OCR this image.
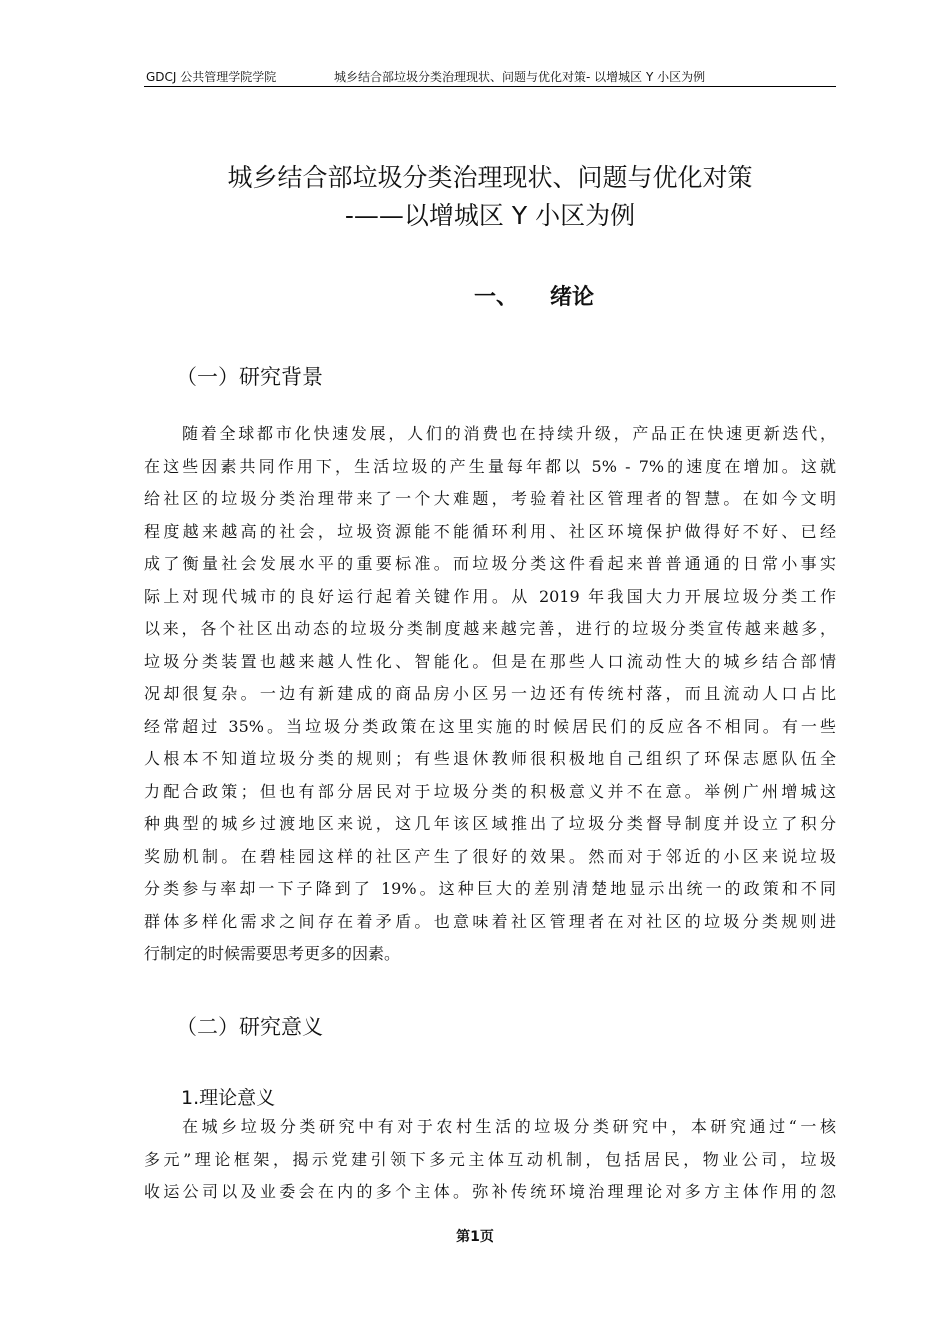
GDCJ 公共管理学院学院	城乡结合部垃圾分类治理现状、问题与优化对策- 以增城区 Y 小区为例
城乡结合部垃圾分类治理现状、问题与优化对策
-——以增城区 Y 小区为例
一、 绪论
（一）研究背景
随着全球都市化快速发展，人们的消费也在持续升级，产品正在快速更新迭代，
在这些因素共同作用下，生活垃圾的产生量每年都以 5% - 7%的速度在增加。这就
给社区的垃圾分类治理带来了一个大难题，考验着社区管理者的智慧。在如今文明
程度越来越高的社会，垃圾资源能不能循环利用、社区环境保护做得好不好、已经
成了衡量社会发展水平的重要标准。而垃圾分类这件看起来普普通通的日常小事实
际上对现代城市的良好运行起着关键作用。从 2019 年我国大力开展垃圾分类工作
以来，各个社区出动态的垃圾分类制度越来越完善，进行的垃圾分类宣传越来越多，
垃圾分类装置也越来越人性化、智能化。但是在那些人口流动性大的城乡结合部情
况却很复杂。一边有新建成的商品房小区另一边还有传统村落，而且流动人口占比
经常超过 35%。当垃圾分类政策在这里实施的时候居民们的反应各不相同。有一些
人根本不知道垃圾分类的规则；有些退休教师很积极地自己组织了环保志愿队伍全
力配合政策；但也有部分居民对于垃圾分类的积极意义并不在意。举例广州增城这
种典型的城乡过渡地区来说，这几年该区域推出了垃圾分类督导制度并设立了积分
奖励机制。在碧桂园这样的社区产生了很好的效果。然而对于邻近的小区来说垃圾
分类参与率却一下子降到了 19%。这种巨大的差别清楚地显示出统一的政策和不同
群体多样化需求之间存在着矛盾。也意味着社区管理者在对社区的垃圾分类规则进
行制定的时候需要思考更多的因素。
（二）研究意义
1.理论意义
在城乡垃圾分类研究中有对于农村生活的垃圾分类研究中，本研究通过“一核
多元”理论框架，揭示党建引领下多元主体互动机制，包括居民，物业公司，垃圾
收运公司以及业委会在内的多个主体。弥补传统环境治理理论对多方主体作用的忽
第1页
